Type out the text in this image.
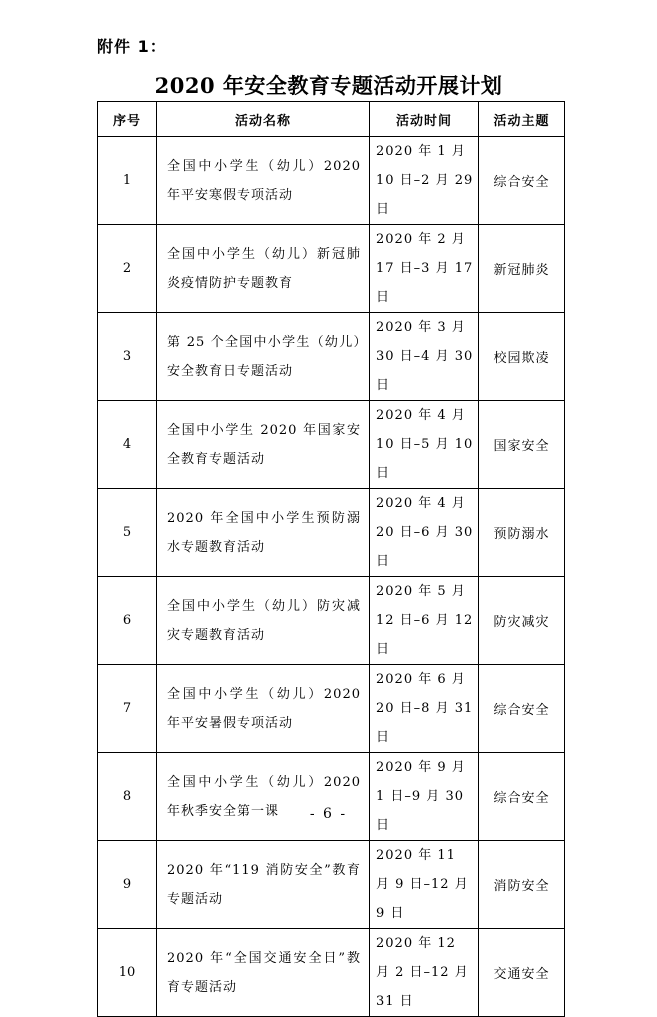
附件 1：
2020 年安全教育专题活动开展计划
序号	活动名称	活动时间	活动主题
1	全国中小学生（幼儿）2020 年平安寒假专项活动	2020 年 1 月 10 日–2 月 29 日	综合安全
2	全国中小学生（幼儿）新冠肺炎疫情防护专题教育	2020 年 2 月 17 日–3 月 17 日	新冠肺炎
3	第 25 个全国中小学生（幼儿）安全教育日专题活动	2020 年 3 月 30 日–4 月 30 日	校园欺凌
4	全国中小学生 2020 年国家安全教育专题活动	2020 年 4 月 10 日–5 月 10 日	国家安全
5	2020 年全国中小学生预防溺水专题教育活动	2020 年 4 月 20 日–6 月 30 日	预防溺水
6	全国中小学生（幼儿）防灾减灾专题教育活动	2020 年 5 月 12 日–6 月 12 日	防灾减灾
7	全国中小学生（幼儿）2020 年平安暑假专项活动	2020 年 6 月 20 日–8 月 31 日	综合安全
8	全国中小学生（幼儿）2020 年秋季安全第一课	2020 年 9 月 1 日–9 月 30 日	综合安全
9	2020 年“119 消防安全”教育专题活动	2020 年 11 月 9 日–12 月 9 日	消防安全
10	2020 年“全国交通安全日”教育专题活动	2020 年 12 月 2 日–12 月 31 日	交通安全
- 6 -
